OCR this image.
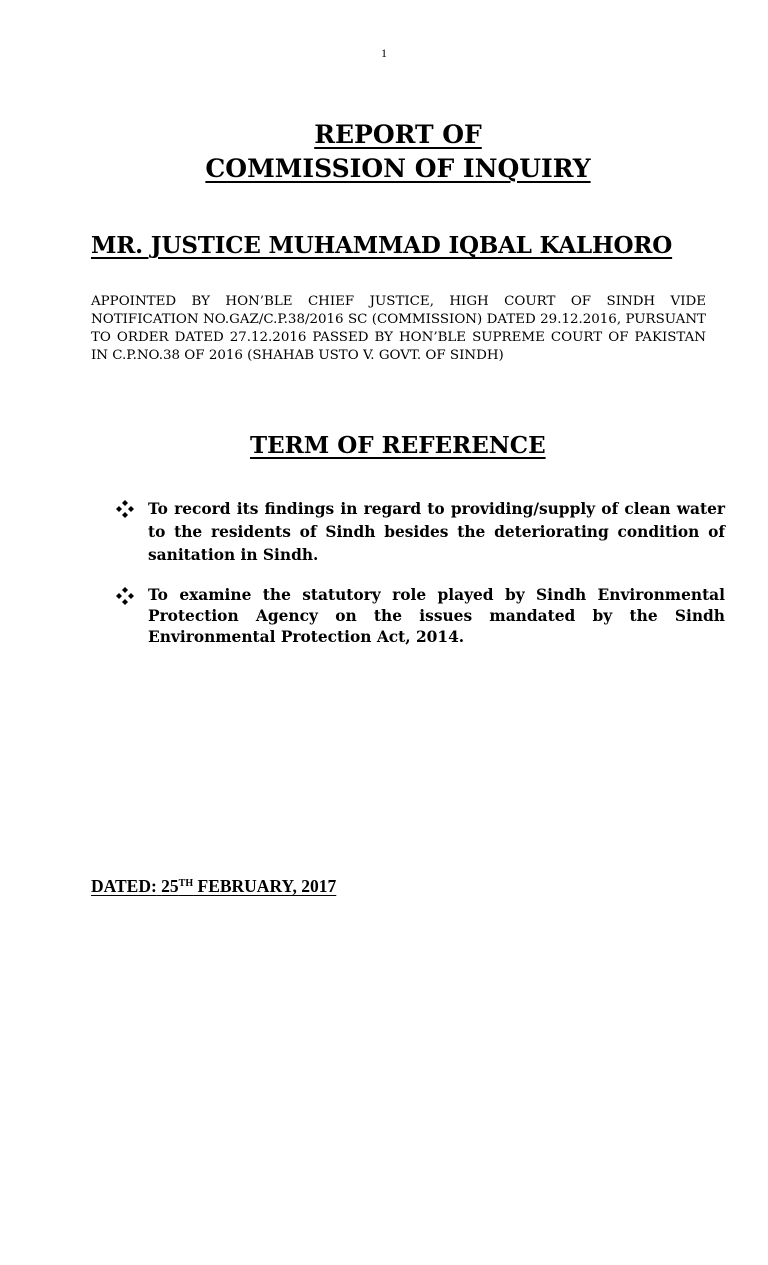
1
REPORT OF
COMMISSION OF INQUIRY
MR. JUSTICE MUHAMMAD IQBAL KALHORO
APPOINTED BY HON’BLE CHIEF JUSTICE, HIGH COURT OF SINDH VIDE NOTIFICATION NO.GAZ/C.P.38/2016 SC (COMMISSION) DATED 29.12.2016, PURSUANT TO ORDER DATED 27.12.2016 PASSED BY HON’BLE SUPREME COURT OF PAKISTAN IN C.P.NO.38 OF 2016 (SHAHAB USTO V. GOVT. OF SINDH)
TERM OF REFERENCE
To record its findings in regard to providing/supply of clean water to the residents of Sindh besides the deteriorating condition of sanitation in Sindh.
To examine the statutory role played by Sindh Environmental Protection Agency on the issues mandated by the Sindh Environmental Protection Act, 2014.
DATED: 25TH FEBRUARY, 2017
